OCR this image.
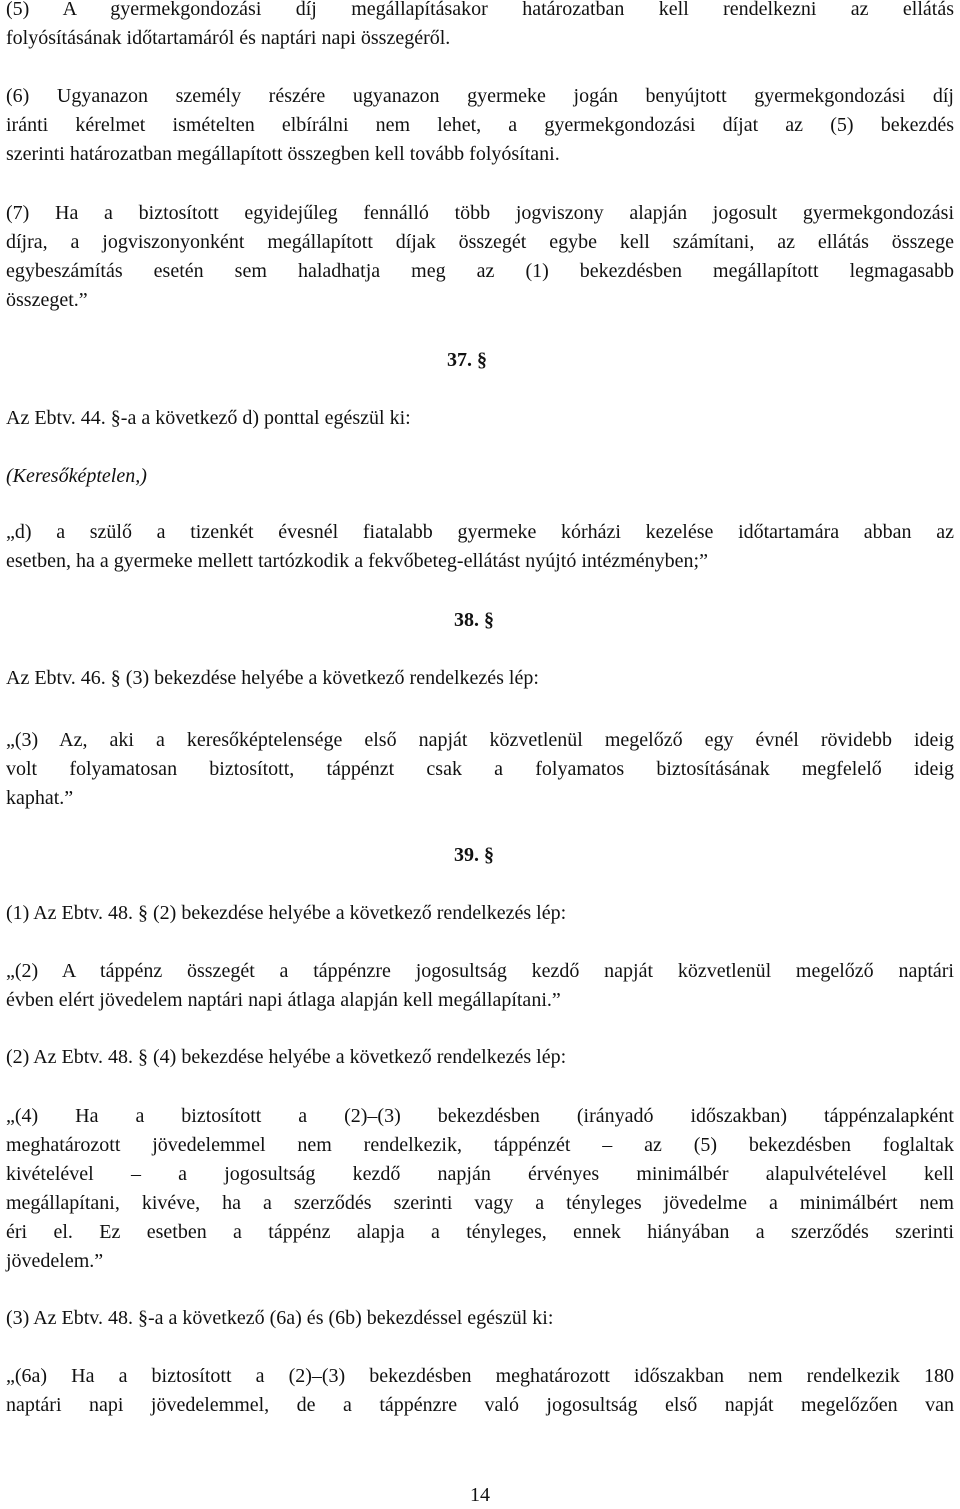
(5) A gyermekgondozási díj megállapításakor határozatban kell rendelkezni az ellátás
folyósításának időtartamáról és naptári napi összegéről.
(6) Ugyanazon személy részére ugyanazon gyermeke jogán benyújtott gyermekgondozási díj
iránti kérelmet ismételten elbírálni nem lehet, a gyermekgondozási díjat az (5) bekezdés
szerinti határozatban megállapított összegben kell tovább folyósítani.
(7) Ha a biztosított egyidejűleg fennálló több jogviszony alapján jogosult gyermekgondozási
díjra, a jogviszonyonként megállapított díjak összegét egybe kell számítani, az ellátás összege
egybeszámítás esetén sem haladhatja meg az (1) bekezdésben megállapított legmagasabb
összeget.”
37. §
Az Ebtv. 44. §-a a következő d) ponttal egészül ki:
(Keresőképtelen,)
„d) a szülő a tizenkét évesnél fiatalabb gyermeke kórházi kezelése időtartamára abban az
esetben, ha a gyermeke mellett tartózkodik a fekvőbeteg-ellátást nyújtó intézményben;”
38. §
Az Ebtv. 46. § (3) bekezdése helyébe a következő rendelkezés lép:
„(3) Az, aki a keresőképtelensége első napját közvetlenül megelőző egy évnél rövidebb ideig
volt folyamatosan biztosított, táppénzt csak a folyamatos biztosításának megfelelő ideig
kaphat.”
39. §
(1) Az Ebtv. 48. § (2) bekezdése helyébe a következő rendelkezés lép:
„(2) A táppénz összegét a táppénzre jogosultság kezdő napját közvetlenül megelőző naptári
évben elért jövedelem naptári napi átlaga alapján kell megállapítani.”
(2) Az Ebtv. 48. § (4) bekezdése helyébe a következő rendelkezés lép:
„(4) Ha a biztosított a (2)–(3) bekezdésben (irányadó időszakban) táppénzalapként
meghatározott jövedelemmel nem rendelkezik, táppénzét – az (5) bekezdésben foglaltak
kivételével – a jogosultság kezdő napján érvényes minimálbér alapulvételével kell
megállapítani, kivéve, ha a szerződés szerinti vagy a tényleges jövedelme a minimálbért nem
éri el. Ez esetben a táppénz alapja a tényleges, ennek hiányában a szerződés szerinti
jövedelem.”
(3) Az Ebtv. 48. §-a a következő (6a) és (6b) bekezdéssel egészül ki:
„(6a) Ha a biztosított a (2)–(3) bekezdésben meghatározott időszakban nem rendelkezik 180
naptári napi jövedelemmel, de a táppénzre való jogosultság első napját megelőzően van
14
